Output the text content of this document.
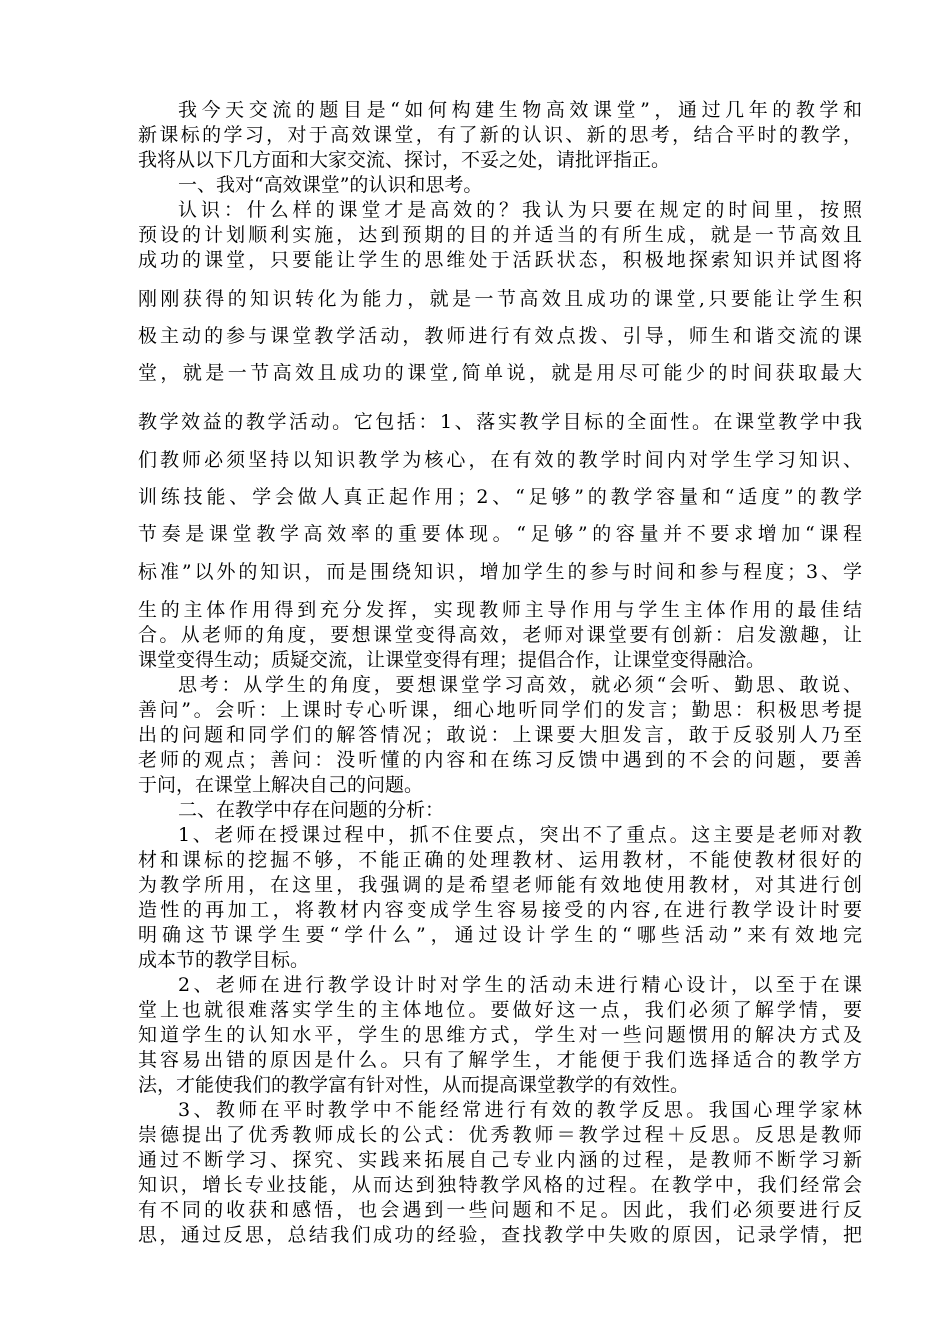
我今天交流的题目是“如何构建生物高效课堂”，通过几年的教学和
新课标的学习，对于高效课堂，有了新的认识、新的思考，结合平时的教学，
我将从以下几方面和大家交流、探讨，不妥之处，请批评指正。
一、我对“高效课堂”的认识和思考。
认识：什么样的课堂才是高效的？我认为只要在规定的时间里，按照
预设的计划顺利实施，达到预期的目的并适当的有所生成，就是一节高效且
成功的课堂，只要能让学生的思维处于活跃状态，积极地探索知识并试图将
刚刚获得的知识转化为能力，就是一节高效且成功的课堂,只要能让学生积
极主动的参与课堂教学活动，教师进行有效点拨、引导，师生和谐交流的课
堂，就是一节高效且成功的课堂,简单说，就是用尽可能少的时间获取最大
教学效益的教学活动。它包括：1、落实教学目标的全面性。在课堂教学中我
们教师必须坚持以知识教学为核心，在有效的教学时间内对学生学习知识、
训练技能、学会做人真正起作用；2、“足够”的教学容量和“适度”的教学
节奏是课堂教学高效率的重要体现。“足够”的容量并不要求增加“课程
标准”以外的知识，而是围绕知识，增加学生的参与时间和参与程度；3、学
生的主体作用得到充分发挥，实现教师主导作用与学生主体作用的最佳结
合。从老师的角度，要想课堂变得高效，老师对课堂要有创新：启发激趣，让
课堂变得生动；质疑交流，让课堂变得有理；提倡合作，让课堂变得融洽。
思考：从学生的角度，要想课堂学习高效，就必须“会听、勤思、敢说、
善问”。会听：上课时专心听课，细心地听同学们的发言；勤思：积极思考提
出的问题和同学们的解答情况；敢说：上课要大胆发言，敢于反驳别人乃至
老师的观点；善问：没听懂的内容和在练习反馈中遇到的不会的问题，要善
于问，在课堂上解决自己的问题。
二、在教学中存在问题的分析：
1、老师在授课过程中，抓不住要点，突出不了重点。这主要是老师对教
材和课标的挖掘不够，不能正确的处理教材、运用教材，不能使教材很好的
为教学所用，在这里，我强调的是希望老师能有效地使用教材，对其进行创
造性的再加工，将教材内容变成学生容易接受的内容,在进行教学设计时要
明确这节课学生要“学什么”，通过设计学生的“哪些活动”来有效地完
成本节的教学目标。
2、老师在进行教学设计时对学生的活动未进行精心设计，以至于在课
堂上也就很难落实学生的主体地位。要做好这一点，我们必须了解学情，要
知道学生的认知水平，学生的思维方式，学生对一些问题惯用的解决方式及
其容易出错的原因是什么。只有了解学生，才能便于我们选择适合的教学方
法，才能使我们的教学富有针对性，从而提高课堂教学的有效性。
3、教师在平时教学中不能经常进行有效的教学反思。我国心理学家林
崇德提出了优秀教师成长的公式：优秀教师＝教学过程＋反思。反思是教师
通过不断学习、探究、实践来拓展自己专业内涵的过程，是教师不断学习新
知识，增长专业技能，从而达到独特教学风格的过程。在教学中，我们经常会
有不同的收获和感悟，也会遇到一些问题和不足。因此，我们必须要进行反
思，通过反思，总结我们成功的经验，查找教学中失败的原因，记录学情，把
